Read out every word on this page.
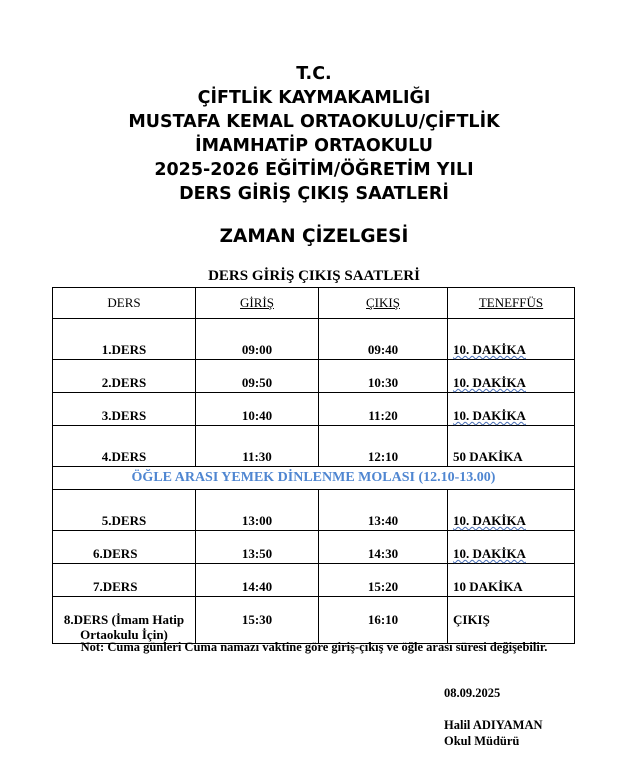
T.C.
ÇİFTLİK KAYMAKAMLIĞI
MUSTAFA KEMAL ORTAOKULU/ÇİFTLİK
İMAMHATİP ORTAOKULU
2025-2026 EĞİTİM/ÖĞRETİM YILI
DERS GİRİŞ ÇIKIŞ SAATLERİ
ZAMAN ÇİZELGESİ
DERS GİRİŞ ÇIKIŞ SAATLERİ
DERS	GİRİŞ	ÇIKIŞ	TENEFFÜS
1.DERS	09:00	09:40	10. DAKİKA
2.DERS	09:50	10:30	10. DAKİKA
3.DERS	10:40	11:20	10. DAKİKA
4.DERS	11:30	12:10	50 DAKİKA
ÖĞLE ARASI YEMEK DİNLENME MOLASI (12.10-13.00)			
5.DERS	13:00	13:40	10. DAKİKA
6.DERS	13:50	14:30	10. DAKİKA
7.DERS	14:40	15:20	10 DAKİKA
8.DERS (İmam Hatip Ortaokulu İçin)	15:30	16:10	ÇIKIŞ
Not: Cuma günleri Cuma namazı vaktine göre giriş-çıkış ve öğle arası süresi değişebilir.
08.09.2025
Halil ADIYAMAN
Okul Müdürü
